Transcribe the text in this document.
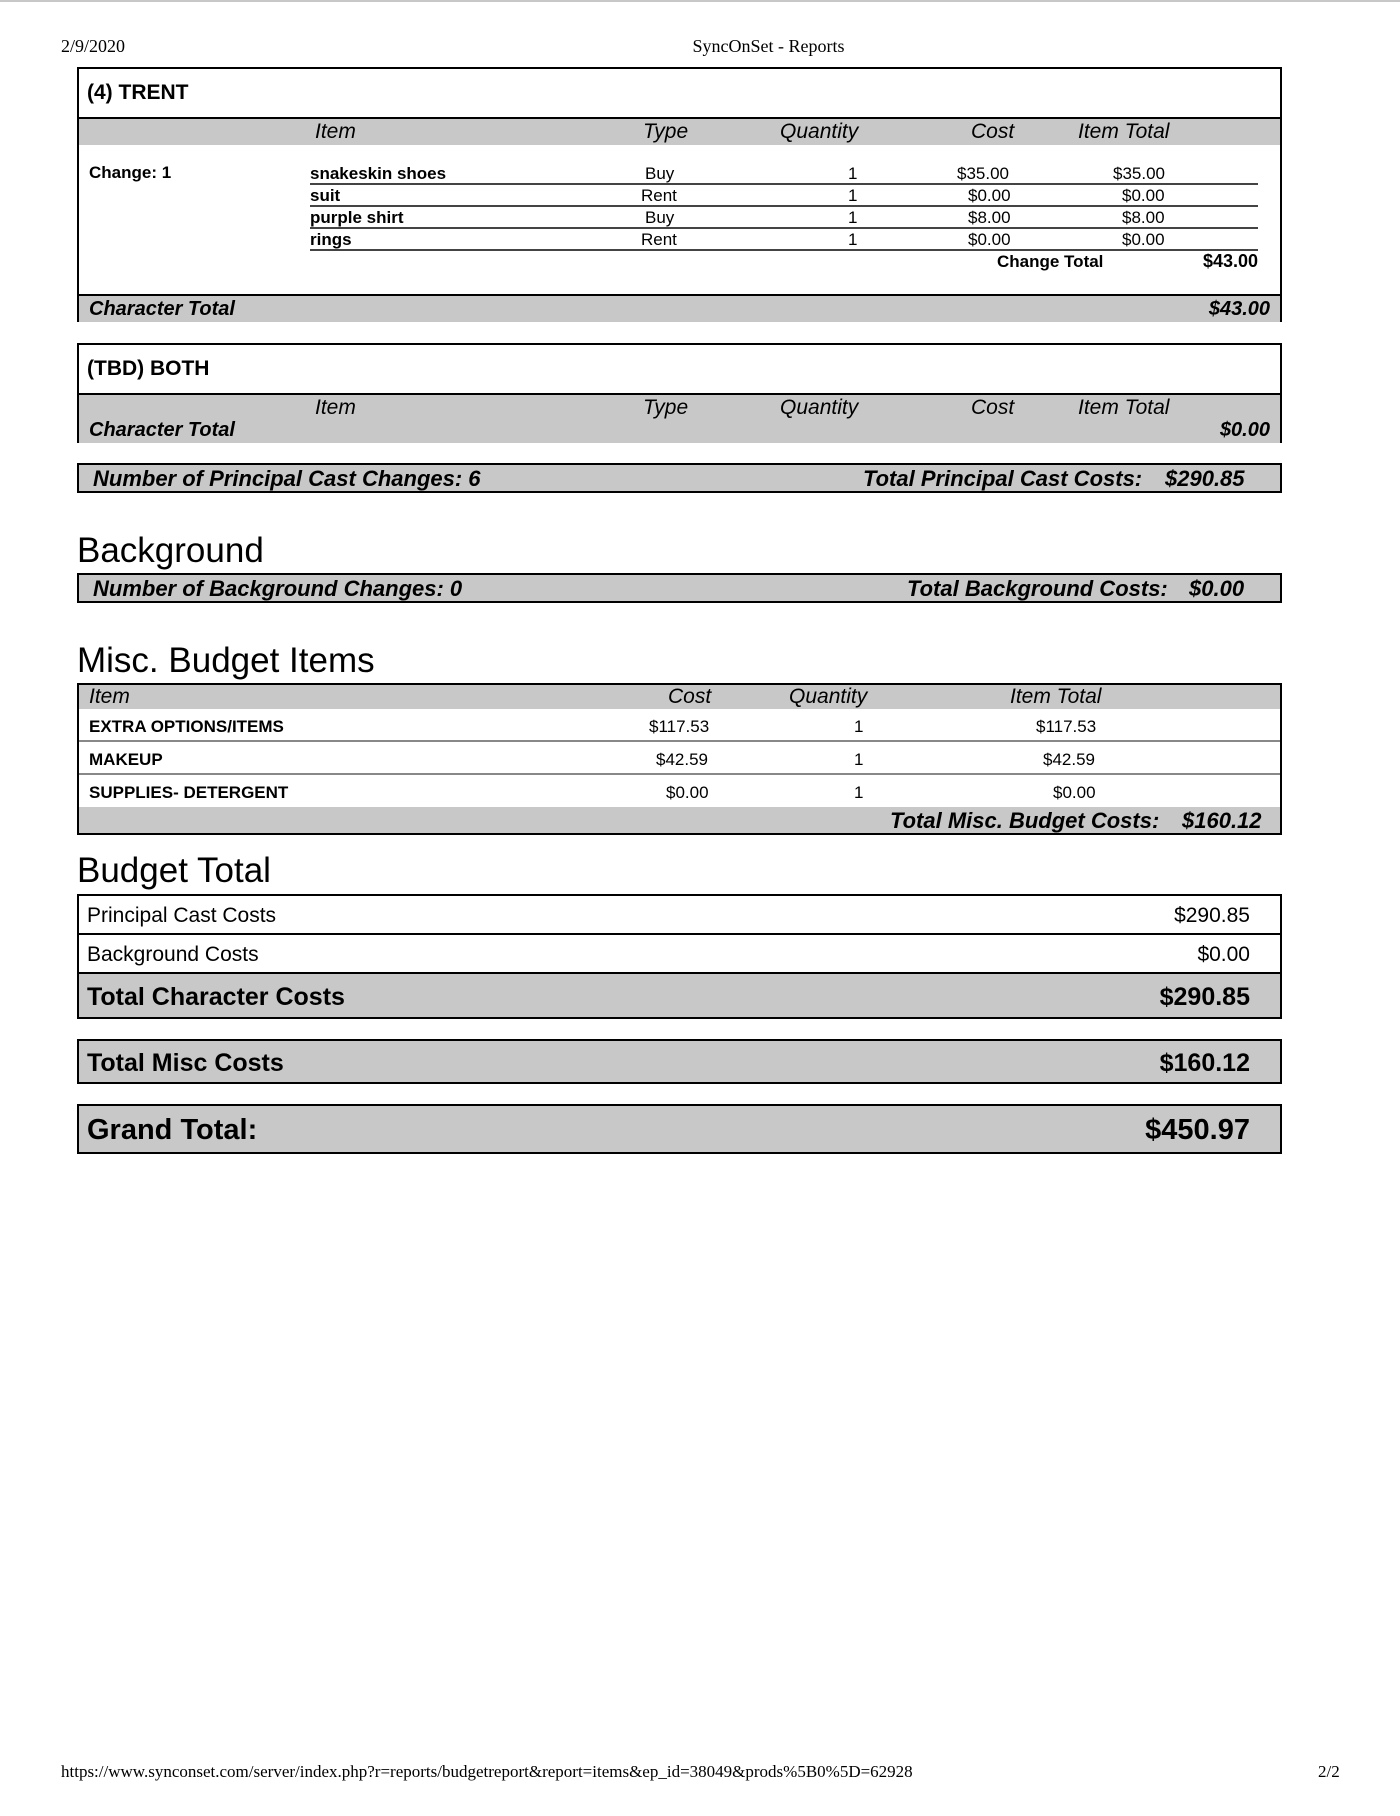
2/9/2020	SyncOnSet - Reports
(4) TRENT
Item	Type	Quantity	Cost	Item Total
Change: 1	snakeskin shoes	Buy	1	$35.00	$35.00
suit	Rent	1	$0.00	$0.00
purple shirt	Buy	1	$8.00	$8.00
rings	Rent	1	$0.00	$0.00
Change Total	$43.00
Character Total	$43.00
(TBD) BOTH
Item	Type	Quantity	Cost	Item Total
Character Total	$0.00
Number of Principal Cast Changes: 6	Total Principal Cast Costs: $290.85
Background
Number of Background Changes: 0	Total Background Costs: $0.00
Misc. Budget Items
Item	Cost	Quantity	Item Total
EXTRA OPTIONS/ITEMS	$117.53	1	$117.53
MAKEUP	$42.59	1	$42.59
SUPPLIES- DETERGENT	$0.00	1	$0.00
Total Misc. Budget Costs: $160.12
Budget Total
Principal Cast Costs	$290.85
Background Costs	$0.00
Total Character Costs	$290.85
Total Misc Costs	$160.12
Grand Total:	$450.97
https://www.synconset.com/server/index.php?r=reports/budgetreport&report=items&ep_id=38049&prods%5B0%5D=62928	2/2
